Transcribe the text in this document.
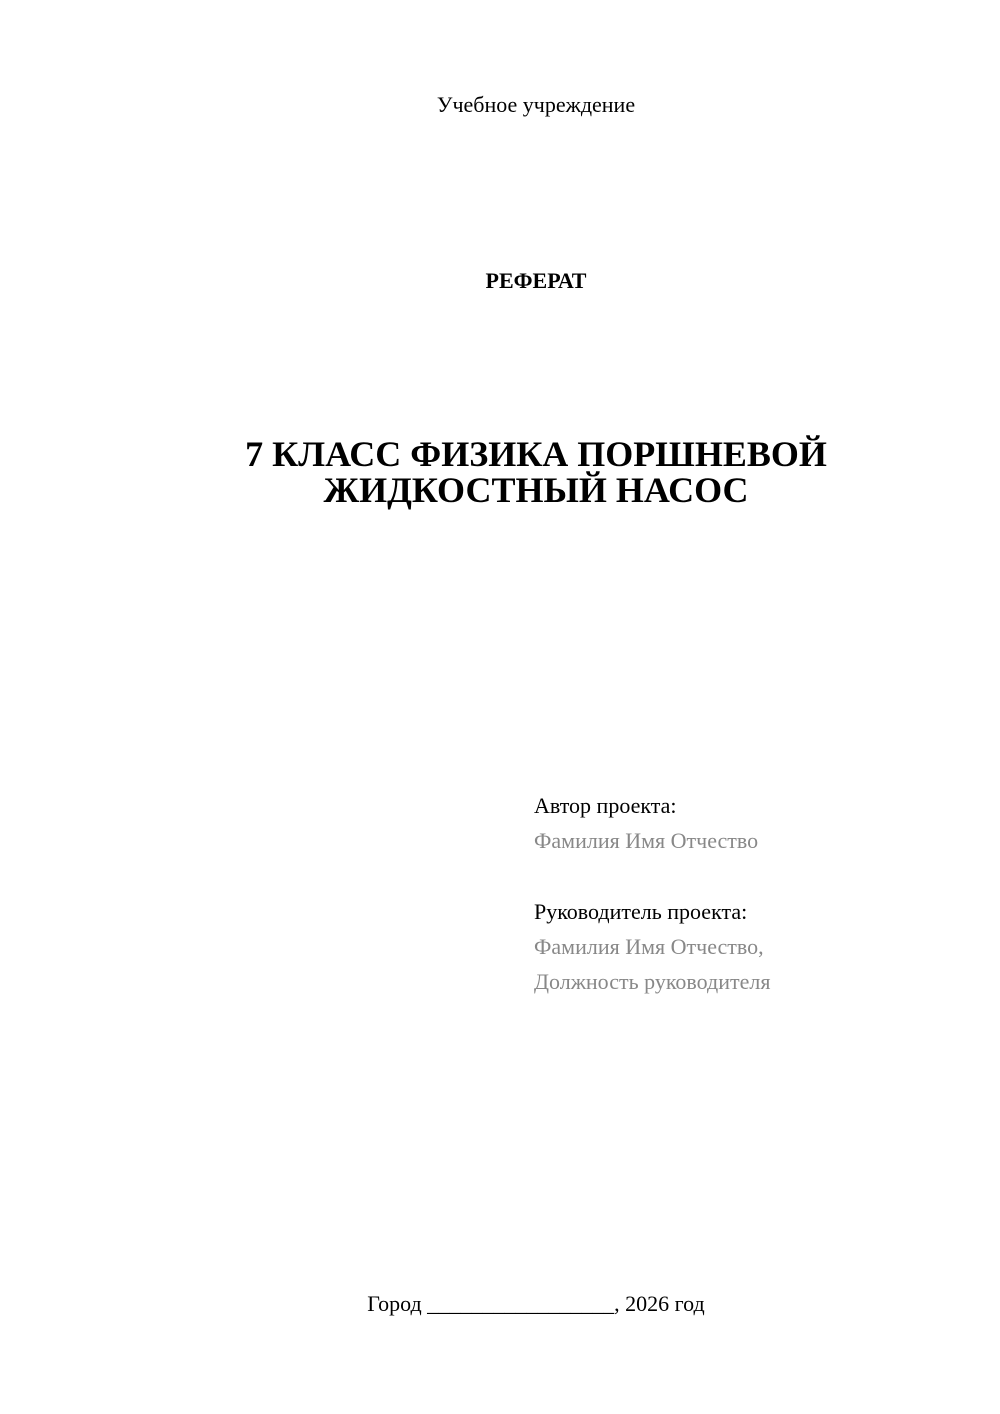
Учебное учреждение
РЕФЕРАТ
7 КЛАСС ФИЗИКА ПОРШНЕВОЙ
ЖИДКОСТНЫЙ НАСОС
Автор проекта:
Фамилия Имя Отчество
Руководитель проекта:
Фамилия Имя Отчество,
Должность руководителя
Город _________________, 2026 год
